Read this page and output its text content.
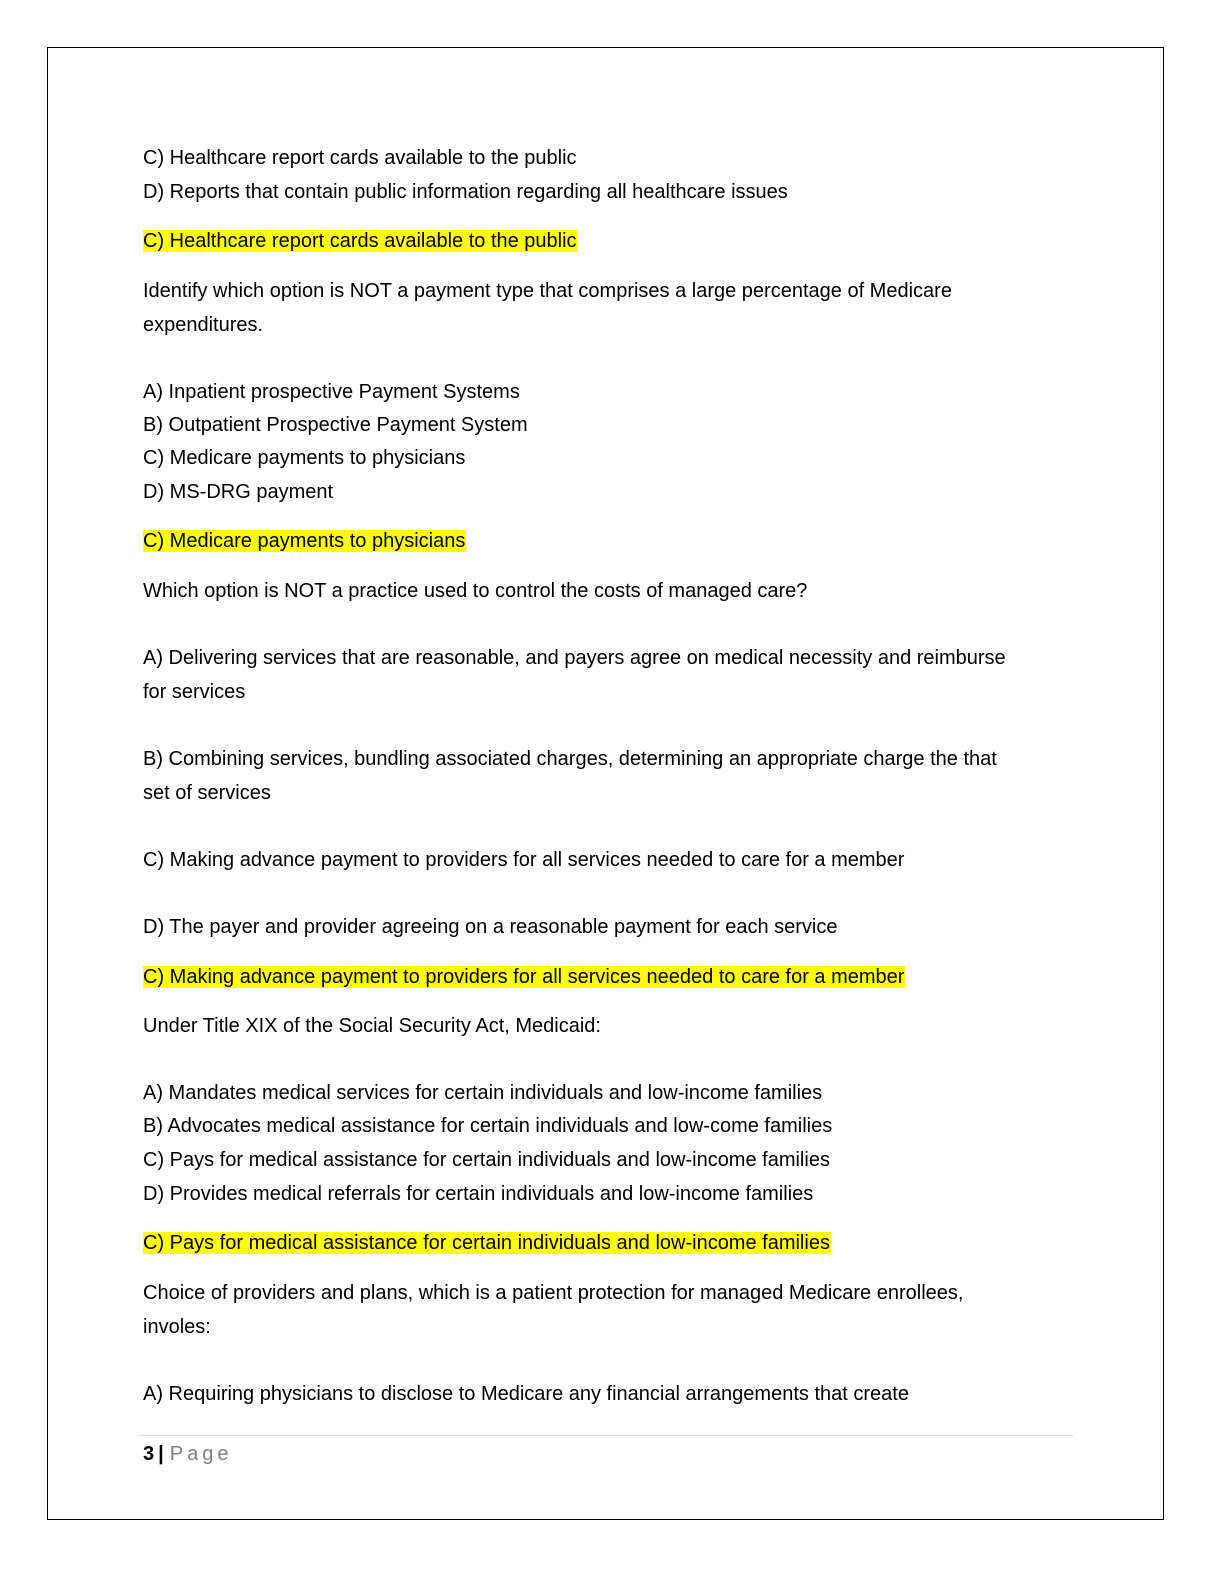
C) Healthcare report cards available to the public
D) Reports that contain public information regarding all healthcare issues
C) Healthcare report cards available to the public
Identify which option is NOT a payment type that comprises a large percentage of Medicare
expenditures.
A) Inpatient prospective Payment Systems
B) Outpatient Prospective Payment System
C) Medicare payments to physicians
D) MS-DRG payment
C) Medicare payments to physicians
Which option is NOT a practice used to control the costs of managed care?
A) Delivering services that are reasonable, and payers agree on medical necessity and reimburse
for services
B) Combining services, bundling associated charges, determining an appropriate charge the that
set of services
C) Making advance payment to providers for all services needed to care for a member
D) The payer and provider agreeing on a reasonable payment for each service
C) Making advance payment to providers for all services needed to care for a member
Under Title XIX of the Social Security Act, Medicaid:
A) Mandates medical services for certain individuals and low-income families
B) Advocates medical assistance for certain individuals and low-come families
C) Pays for medical assistance for certain individuals and low-income families
D) Provides medical referrals for certain individuals and low-income families
C) Pays for medical assistance for certain individuals and low-income families
Choice of providers and plans, which is a patient protection for managed Medicare enrollees,
involes:
A) Requiring physicians to disclose to Medicare any financial arrangements that create
3 | Page
